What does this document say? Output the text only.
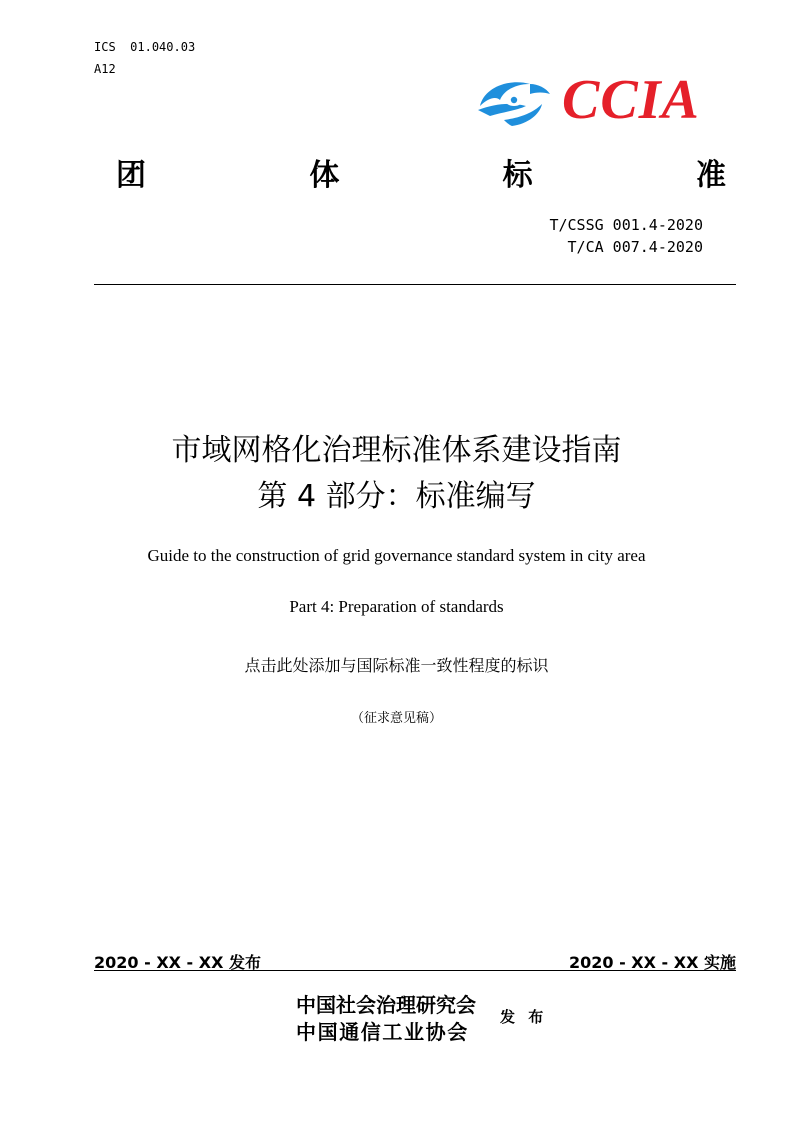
ICS 01.040.03
A12	CCIA
团	体	标	准
T/CSSG 001.4-2020
T/CA 007.4-2020
市域网格化治理标准体系建设指南
第 4 部分：标准编写
Guide to the construction of grid governance standard system in city area
Part 4: Preparation of standards
点击此处添加与国际标准一致性程度的标识
（征求意见稿）
2020 - XX - XX 发布	2020 - XX - XX 实施
中国社会治理研究会
中国通信工业协会
发 布
